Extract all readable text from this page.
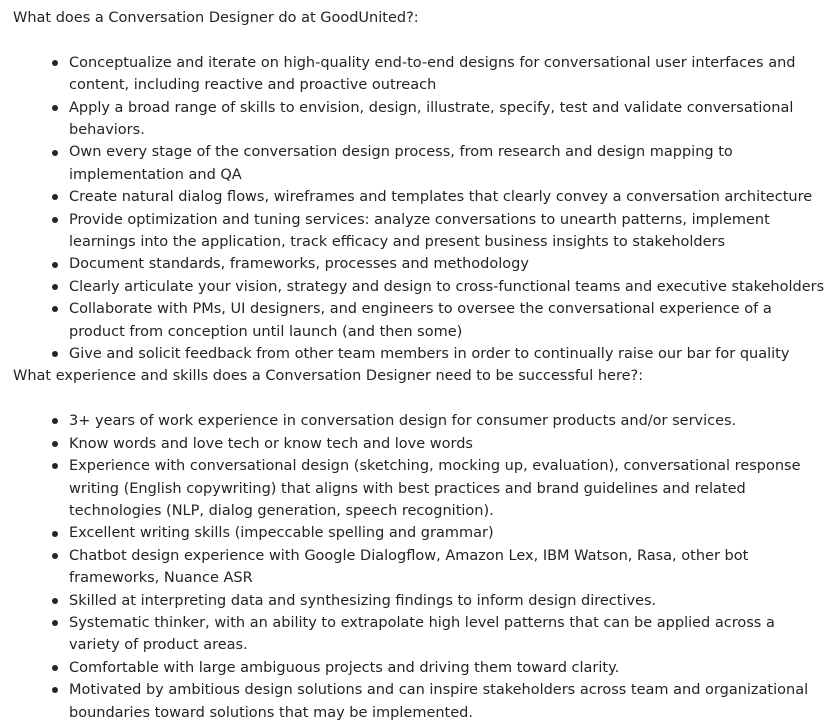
What does a Conversation Designer do at GoodUnited?:

Conceptualize and iterate on high-quality end-to-end designs for conversational user interfaces and content, including reactive and proactive outreach
Apply a broad range of skills to envision, design, illustrate, specify, test and validate conversational behaviors.
Own every stage of the conversation design process, from research and design mapping to implementation and QA
Create natural dialog flows, wireframes and templates that clearly convey a conversation architecture
Provide optimization and tuning services: analyze conversations to unearth patterns, implement learnings into the application, track efficacy and present business insights to stakeholders
Document standards, frameworks, processes and methodology
Clearly articulate your vision, strategy and design to cross-functional teams and executive stakeholders
Collaborate with PMs, UI designers, and engineers to oversee the conversational experience of a product from conception until launch (and then some)
Give and solicit feedback from other team members in order to continually raise our bar for quality

What experience and skills does a Conversation Designer need to be successful here?:

3+ years of work experience in conversation design for consumer products and/or services.
Know words and love tech or know tech and love words
Experience with conversational design (sketching, mocking up, evaluation), conversational response writing (English copywriting) that aligns with best practices and brand guidelines and related technologies (NLP, dialog generation, speech recognition).
Excellent writing skills (impeccable spelling and grammar)
Chatbot design experience with Google Dialogflow, Amazon Lex, IBM Watson, Rasa, other bot frameworks, Nuance ASR
Skilled at interpreting data and synthesizing findings to inform design directives.
Systematic thinker, with an ability to extrapolate high level patterns that can be applied across a variety of product areas.
Comfortable with large ambiguous projects and driving them toward clarity.
Motivated by ambitious design solutions and can inspire stakeholders across team and organizational boundaries toward solutions that may be implemented.
